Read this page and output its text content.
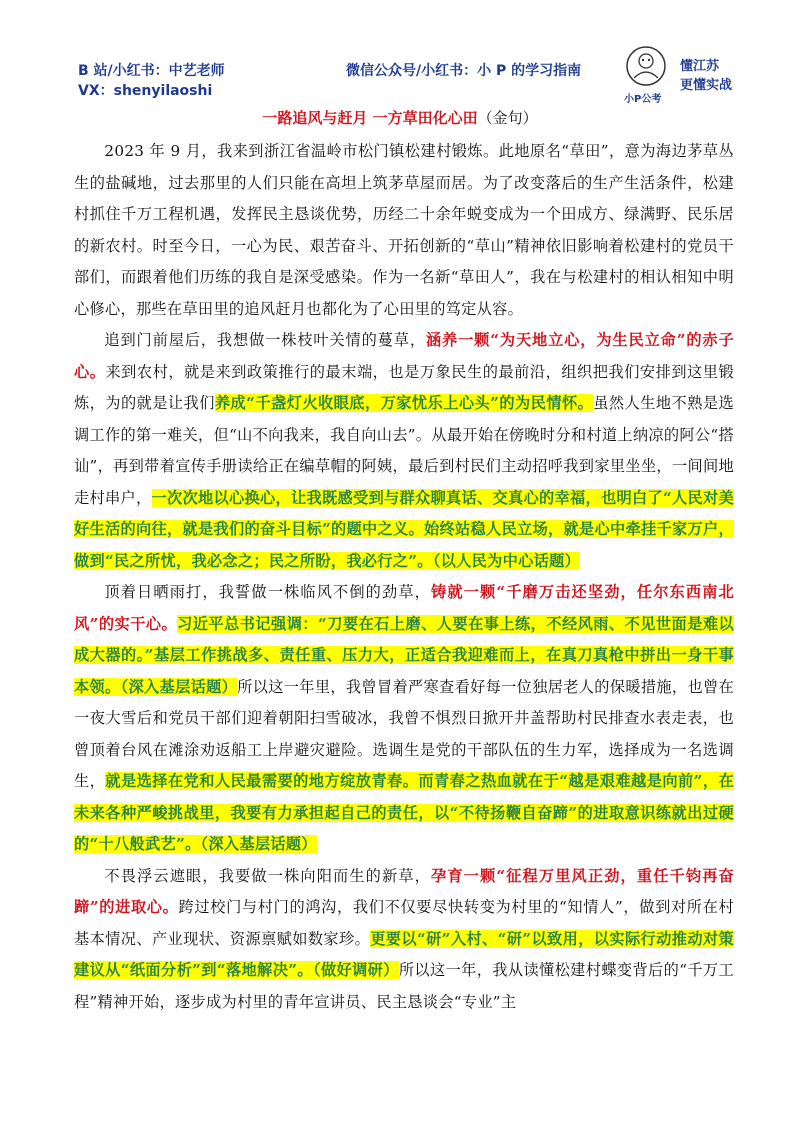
B 站/小红书：中艺老师
VX：shenyilaoshi
微信公众号/小红书：小 P 的学习指南
小P公考
懂江苏
更懂实战
一路追风与赶月 一方草田化心田（金句）

2023 年 9 月，我来到浙江省温岭市松门镇松建村锻炼。此地原名“草田”，意为海边茅草丛生的盐碱地，过去那里的人们只能在高坦上筑茅草屋而居。为了改变落后的生产生活条件，松建村抓住千万工程机遇，发挥民主恳谈优势，历经二十余年蜕变成为一个田成方、绿满野、民乐居的新农村。时至今日，一心为民、艰苦奋斗、开拓创新的“草山”精神依旧影响着松建村的党员干部们，而跟着他们历练的我自是深受感染。作为一名新“草田人”，我在与松建村的相认相知中明心修心，那些在草田里的追风赶月也都化为了心田里的笃定从容。

追到门前屋后，我想做一株枝叶关情的蔓草，涵养一颗“为天地立心，为生民立命”的赤子心。来到农村，就是来到政策推行的最末端，也是万象民生的最前沿，组织把我们安排到这里锻炼，为的就是让我们养成“千盏灯火收眼底，万家忧乐上心头”的为民情怀。虽然人生地不熟是选调工作的第一难关，但“山不向我来，我自向山去”。从最开始在傍晚时分和村道上纳凉的阿公“搭讪”，再到带着宣传手册读给正在编草帽的阿姨，最后到村民们主动招呼我到家里坐坐，一间间地走村串户，一次次地以心换心，让我既感受到与群众聊真话、交真心的幸福，也明白了“人民对美好生活的向往，就是我们的奋斗目标”的题中之义。始终站稳人民立场，就是心中牵挂千家万户，做到“民之所忧，我必念之；民之所盼，我必行之”。（以人民为中心话题）

顶着日晒雨打，我誓做一株临风不倒的劲草，铸就一颗“千磨万击还坚劲，任尔东西南北风”的实干心。习近平总书记强调：“刀要在石上磨、人要在事上练，不经风雨、不见世面是难以成大器的。”基层工作挑战多、责任重、压力大，正适合我迎难而上，在真刀真枪中拼出一身干事本领。（深入基层话题）所以这一年里，我曾冒着严寒查看好每一位独居老人的保暖措施，也曾在一夜大雪后和党员干部们迎着朝阳扫雪破冰，我曾不惧烈日掀开井盖帮助村民排查水表走表，也曾顶着台风在滩涂劝返船工上岸避灾避险。选调生是党的干部队伍的生力军，选择成为一名选调生，就是选择在党和人民最需要的地方绽放青春。而青春之热血就在于“越是艰难越是向前”，在未来各种严峻挑战里，我要有力承担起自己的责任，以“不待扬鞭自奋蹄”的进取意识练就出过硬的“十八般武艺”。（深入基层话题）

不畏浮云遮眼，我要做一株向阳而生的新草，孕育一颗“征程万里风正劲，重任千钧再奋蹄”的进取心。跨过校门与村门的鸿沟，我们不仅要尽快转变为村里的“知情人”，做到对所在村基本情况、产业现状、资源禀赋如数家珍。更要以“研”入村、“研”以致用，以实际行动推动对策建议从“纸面分析”到“落地解决”。（做好调研）所以这一年，我从读懂松建村蝶变背后的“千万工程”精神开始，逐步成为村里的青年宣讲员、民主恳谈会“专业”主
